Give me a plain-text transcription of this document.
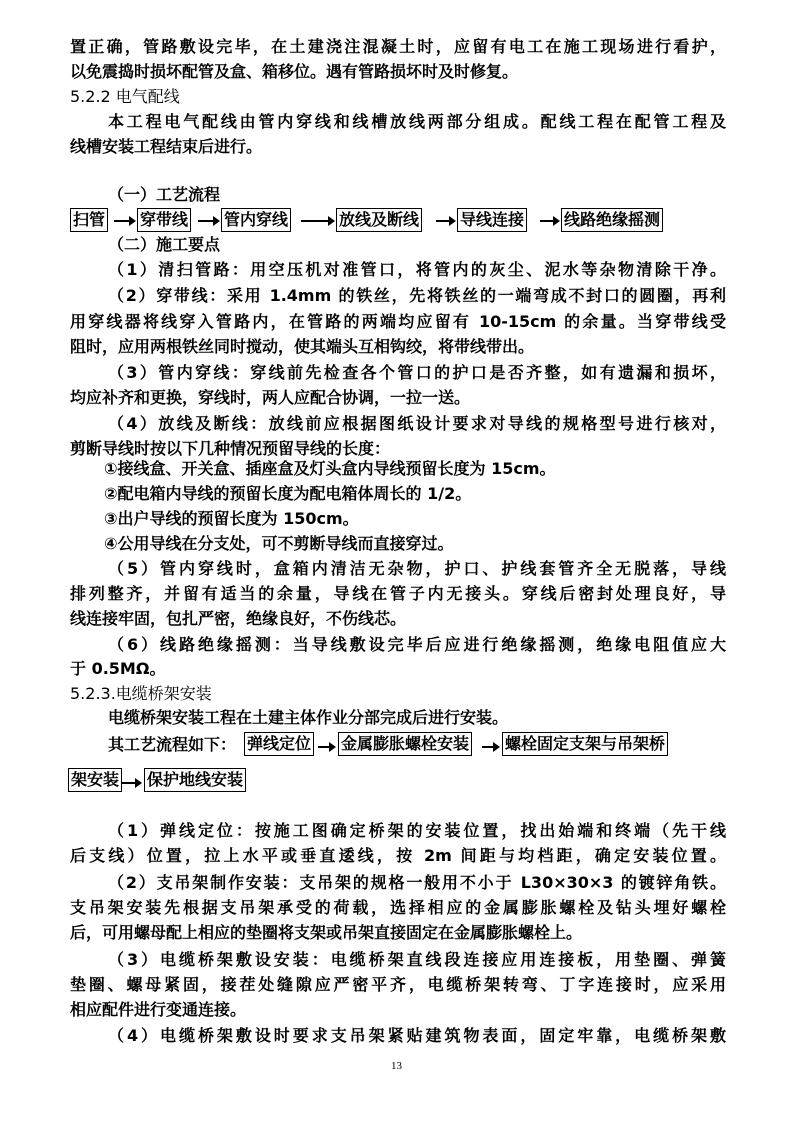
置正确，管路敷设完毕，在土建浇注混凝土时，应留有电工在施工现场进行看护，
以免震捣时损坏配管及盒、箱移位。遇有管路损坏时及时修复。
5.2.2 电气配线
本工程电气配线由管内穿线和线槽放线两部分组成。配线工程在配管工程及
线槽安装工程结束后进行。
（一）工艺流程
扫管 穿带线 管内穿线	放线及断线	导线连接 线路绝缘摇测
（二）施工要点
（1）清扫管路：用空压机对准管口，将管内的灰尘、泥水等杂物清除干净。
（2）穿带线：采用 1.4mm 的铁丝，先将铁丝的一端弯成不封口的圆圈，再利
用穿线器将线穿入管路内，在管路的两端均应留有 10-15cm 的余量。当穿带线受
阻时，应用两根铁丝同时搅动，使其端头互相钩绞，将带线带出。
（3）管内穿线：穿线前先检查各个管口的护口是否齐整，如有遗漏和损坏，
均应补齐和更换，穿线时，两人应配合协调，一拉一送。
（4）放线及断线：放线前应根据图纸设计要求对导线的规格型号进行核对，
剪断导线时按以下几种情况预留导线的长度：
①接线盒、开关盒、插座盒及灯头盒内导线预留长度为 15cm。
②配电箱内导线的预留长度为配电箱体周长的 1/2。
③出户导线的预留长度为 150cm。
④公用导线在分支处，可不剪断导线而直接穿过。
（5）管内穿线时，盒箱内清洁无杂物，护口、护线套管齐全无脱落，导线
排列整齐，并留有适当的余量，导线在管子内无接头。穿线后密封处理良好，导
线连接牢固，包扎严密，绝缘良好，不伤线芯。
（6）线路绝缘摇测：当导线敷设完毕后应进行绝缘摇测，绝缘电阻值应大
于 0.5MΩ。
5.2.3.电缆桥架安装
电缆桥架安装工程在土建主体作业分部完成后进行安装。
其工艺流程如下： 弹线定位 金属膨胀螺栓安装 螺栓固定支架与吊架桥
架安装 保护地线安装
（1）弹线定位：按施工图确定桥架的安装位置，找出始端和终端（先干线
后支线）位置，拉上水平或垂直逶线，按 2m 间距与均档距，确定安装位置。
（2）支吊架制作安装：支吊架的规格一般用不小于 L30×30×3 的镀锌角铁。
支吊架安装先根据支吊架承受的荷载，选择相应的金属膨胀螺栓及钻头埋好螺栓
后，可用螺母配上相应的垫圈将支架或吊架直接固定在金属膨胀螺栓上。
（3）电缆桥架敷设安装：电缆桥架直线段连接应用连接板，用垫圈、弹簧
垫圈、螺母紧固，接茬处缝隙应严密平齐，电缆桥架转弯、丁字连接时，应采用
相应配件进行变通连接。
（4）电缆桥架敷设时要求支吊架紧贴建筑物表面，固定牢靠，电缆桥架敷
13
